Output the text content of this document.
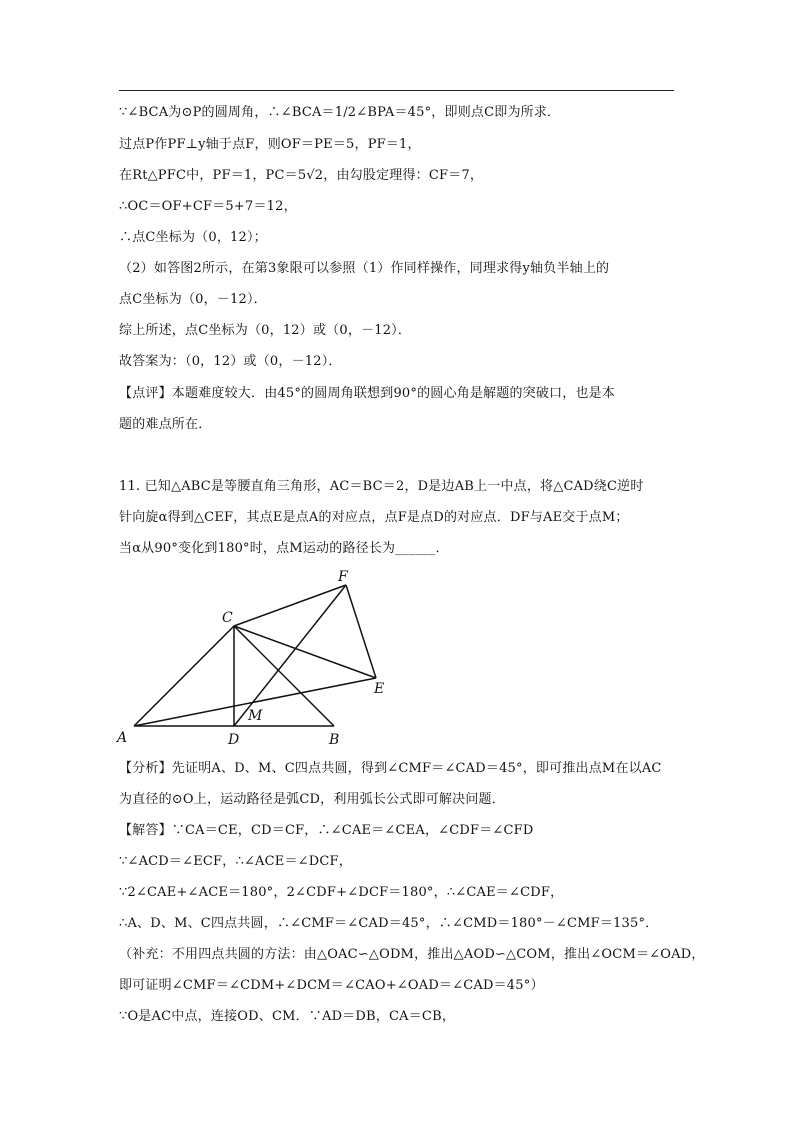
∵∠BCA为⊙P的圆周角，∴∠BCA＝1/2∠BPA＝45°，即则点C即为所求．
过点P作PF⊥y轴于点F，则OF＝PE＝5，PF＝1，
在Rt△PFC中，PF＝1，PC＝5√2，由勾股定理得：CF＝7，
∴OC＝OF+CF＝5+7＝12，
∴点C坐标为（0，12）；
（2）如答图2所示，在第3象限可以参照（1）作同样操作，同理求得y轴负半轴上的
点C坐标为（0，－12）．
综上所述，点C坐标为（0，12）或（0，－12）．
故答案为：（0，12）或（0，－12）．
【点评】本题难度较大．由45°的圆周角联想到90°的圆心角是解题的突破口，也是本
题的难点所在．
11. 已知△ABC是等腰直角三角形，AC＝BC＝2，D是边AB上一中点，将△CAD绕C逆时
针向旋α得到△CEF，其点E是点A的对应点，点F是点D的对应点．DF与AE交于点M；
当α从90°变化到180°时，点M运动的路径长为______．
A	D	B
C
F
E
M
【分析】先证明A、D、M、C四点共圆，得到∠CMF＝∠CAD＝45°，即可推出点M在以AC
为直径的⊙O上，运动路径是弧CD，利用弧长公式即可解决问题．
【解答】∵CA＝CE，CD＝CF，∴∠CAE＝∠CEA，∠CDF＝∠CFD
∵∠ACD＝∠ECF，∴∠ACE＝∠DCF，
∵2∠CAE+∠ACE＝180°，2∠CDF+∠DCF＝180°，∴∠CAE＝∠CDF，
∴A、D、M、C四点共圆，∴∠CMF＝∠CAD＝45°，∴∠CMD＝180°－∠CMF＝135°．
（补充：不用四点共圆的方法：由△OAC∽△ODM，推出△AOD∽△COM，推出∠OCM＝∠OAD，
即可证明∠CMF＝∠CDM+∠DCM＝∠CAO+∠OAD＝∠CAD＝45°）
∵O是AC中点，连接OD、CM．∵AD＝DB，CA＝CB，
